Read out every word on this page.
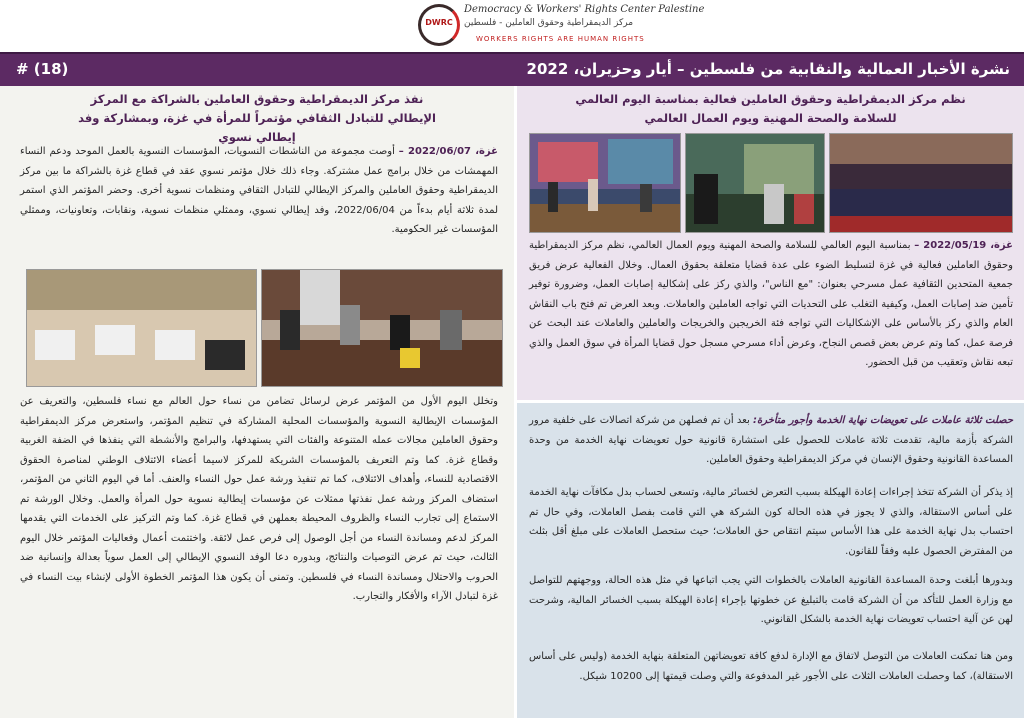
DWRC
Democracy & Workers' Rights Center Palestine
مركز الديمقراطية وحقوق العاملين - فلسطين
WORKERS RIGHTS ARE HUMAN RIGHTS
# (18)	نشرة الأخبار العمالية والنقابية من فلسطين – أيار وحزيران، 2022
نظم مركز الديمقراطية وحقوق العاملين فعالية بمناسبة اليوم العالمي للسلامة والصحة المهنية ويوم العمال العالمي
غزة، 2022/05/19 – بمناسبة اليوم العالمي للسلامة والصحة المهنية ويوم العمال العالمي، نظم مركز الديمقراطية وحقوق العاملين فعالية في غزة لتسليط الضوء على عدة قضايا متعلقة بحقوق العمال. وخلال الفعالية عرض فريق جمعية المتحدين الثقافية عمل مسرحي بعنوان: "مع الناس"، والذي ركز على إشكالية إصابات العمل، وضرورة توفير تأمين ضد إصابات العمل، وكيفية التغلب على التحديات التي تواجه العاملين والعاملات. وبعد العرض تم فتح باب النقاش العام والذي ركز بالأساس على الإشكاليات التي تواجه فئة الخريجين والخريجات والعاملين والعاملات عند البحث عن فرصة عمل، كما وتم عرض بعض قصص النجاح، وعرض أداء مسرحي مسجل حول قضايا المرأة في سوق العمل والذي تبعه نقاش وتعقيب من قبل الحضور.
حصلت ثلاثة عاملات على تعويضات نهاية الخدمة وأجور متأخرة: بعد أن تم فصلهن من شركة اتصالات على خلفية مرور الشركة بأزمة مالية، تقدمت ثلاثة عاملات للحصول على استشارة قانونية حول تعويضات نهاية الخدمة من وحدة المساعدة القانونية وحقوق الإنسان في مركز الديمقراطية وحقوق العاملين.
إذ يذكر أن الشركة تتخذ إجراءات إعادة الهيكلة بسبب التعرض لخسائر مالية، وتسعى لحساب بدل مكافآت نهاية الخدمة على أساس الاستقالة، والذي لا يجوز في هذه الحالة كون الشركة هي التي قامت بفصل العاملات، وفي حال تم احتساب بدل نهاية الخدمة على هذا الأساس سيتم انتقاص حق العاملات؛ حيث ستحصل العاملات على مبلغ أقل بثلث من المفترض الحصول عليه وفقاً للقانون.
وبدورها أبلغت وحدة المساعدة القانونية العاملات بالخطوات التي يجب اتباعها في مثل هذه الحالة، ووجهتهم للتواصل مع وزارة العمل للتأكد من أن الشركة قامت بالتبليغ عن خطوتها بإجراء إعادة الهيكلة بسبب الخسائر المالية، وشرحت لهن عن آلية احتساب تعويضات نهاية الخدمة بالشكل القانوني.
ومن هنا تمكنت العاملات من التوصل لاتفاق مع الإدارة لدفع كافة تعويضاتهن المتعلقة بنهاية الخدمة (وليس على أساس الاستقالة)، كما وحصلت العاملات الثلاث على الأجور غير المدفوعة والتي وصلت قيمتها إلى 10200 شيكل.
نفذ مركز الديمقراطية وحقوق العاملين بالشراكة مع المركز الإيطالي للتبادل الثقافي مؤتمراً للمرأة في غزة، وبمشاركة وفد إيطالي نسوي
غزة، 2022/06/07 – أوصت مجموعة من الناشطات النسويات، المؤسسات النسوية بالعمل الموحد ودعم النساء المهمشات من خلال برامج عمل مشتركة. وجاء ذلك خلال مؤتمر نسوي عقد في قطاع غزة بالشراكة ما بين مركز الديمقراطية وحقوق العاملين والمركز الإيطالي للتبادل الثقافي ومنظمات نسوية أخرى. وحضر المؤتمر الذي استمر لمدة ثلاثة أيام بدءاً من 2022/06/04، وفد إيطالي نسوي، وممثلي منظمات نسوية، ونقابات، وتعاونيات، وممثلي المؤسسات غير الحكومية.
وتخلل اليوم الأول من المؤتمر عرض لرسائل تضامن من نساء حول العالم مع نساء فلسطين، والتعريف عن المؤسسات الإيطالية النسوية والمؤسسات المحلية المشاركة في تنظيم المؤتمر، واستعرض مركز الديمقراطية وحقوق العاملين مجالات عمله المتنوعة والفئات التي يستهدفها، والبرامج والأنشطة التي ينفذها في الضفة الغربية وقطاع غزة. كما وتم التعريف بالمؤسسات الشريكة للمركز لاسيما أعضاء الائتلاف الوطني لمناصرة الحقوق الاقتصادية للنساء، وأهداف الائتلاف، كما تم تنفيذ ورشة عمل حول النساء والعنف. أما في اليوم الثاني من المؤتمر، استضاف المركز ورشة عمل نفذتها ممثلات عن مؤسسات إيطالية نسوية حول المرأة والعمل. وخلال الورشة تم الاستماع إلى تجارب النساء والظروف المحيطة بعملهن في قطاع غزة. كما وتم التركيز على الخدمات التي يقدمها المركز لدعم ومساندة النساء من أجل الوصول إلى فرص عمل لائقة. واختتمت أعمال وفعاليات المؤتمر خلال اليوم الثالث، حيث تم عرض التوصيات والنتائج، وبدوره دعا الوفد النسوي الإيطالي إلى العمل سوياً بعدالة وإنسانية ضد الحروب والاحتلال ومساندة النساء في فلسطين. وتمنى أن يكون هذا المؤتمر الخطوة الأولى لإنشاء بيت النساء في غزة لتبادل الآراء والأفكار والتجارب.
